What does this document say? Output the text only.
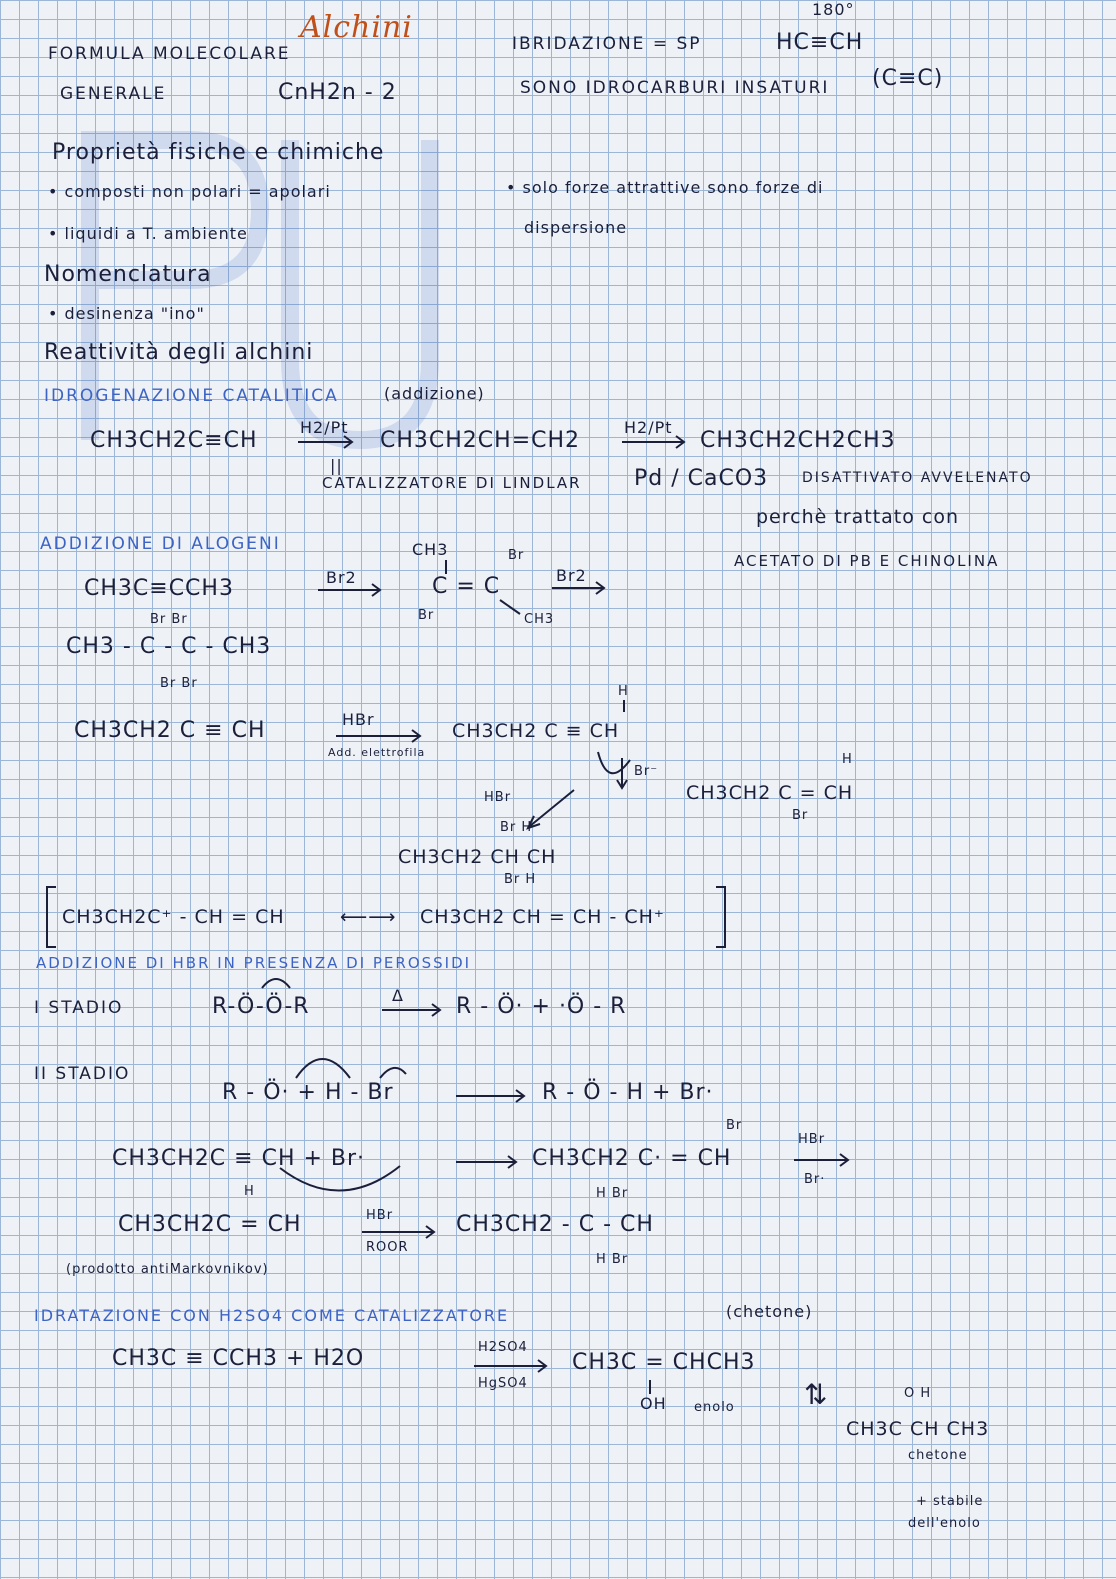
Alchini
FORMULA MOLECOLARE
GENERALE	CnH2n - 2
IBRIDAZIONE = SP
180°
HC≡CH
SONO IDROCARBURI INSATURI (C≡C)
Proprietà fisiche e chimiche
• composti non polari = apolari	• solo forze attrattive sono forze di
dispersione
• liquidi a T. ambiente
Nomenclatura
• desinenza "ino"
Reattività degli alchini
IDROGENAZIONE CATALITICA	(addizione)
CH3CH2C≡CH
H2/Pt
CH3CH2CH=CH2
H2/Pt
CH3CH2CH2CH3
||
CATALIZZATORE DI LINDLAR Pd / CaCO3 DISATTIVATO AVVELENATO
perchè trattato con
ACETATO DI PB E CHINOLINA
ADDIZIONE DI ALOGENI
CH3C≡CCH3	Br2
CH3
C = C
Br
Br	CH3
Br2
Br Br
CH3 - C - C - CH3
Br Br
CH3CH2 C ≡ CH	HBr
Add. elettrofila
H
CH3CH2 C ≡ CH
Br⁻
HBr
H
CH3CH2 C = CH
Br
Br H
CH3CH2 CH CH
Br H
CH3CH2C⁺ - CH = CH	⟵⟶ CH3CH2 CH = CH - CH⁺
ADDIZIONE DI HBR IN PRESENZA DI PEROSSIDI
I STADIO	R-Ö-Ö-R	Δ R - Ö· + ·Ö - R
II STADIO
R - Ö· + H - Br	R - Ö - H + Br·
CH3CH2C ≡ CH + Br·	CH3CH2 C· = CH
Br
HBr
Br·
H
CH3CH2C = CH	HBr
ROOR
H Br
CH3CH2 - C - CH
H Br
(prodotto antiMarkovnikov)
IDRATAZIONE CON H2SO4 COME CATALIZZATORE	(chetone)
CH3C ≡ CCH3 + H2O	H2SO4
HgSO4
CH3C = CHCH3
OH enolo ⇅	O H
CH3C CH CH3
chetone
+ stabile
dell'enolo
